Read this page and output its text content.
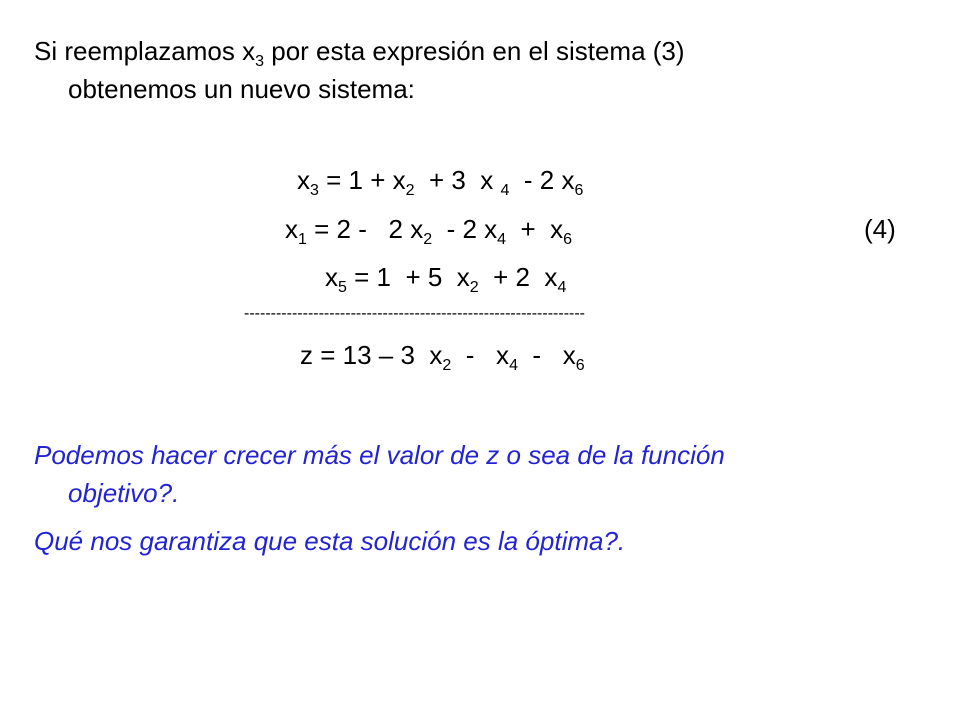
Si reemplazamos $x_3$ por esta expresión en el sistema (3)
obtenemos un nuevo sistema:

$x_3 = 1 + x_2 + 3$  x $_4$  - 2 $x_6$
$x_1 = 2 - 2$ $x_2 - 2$ $x_4 + x_6$	(4)
$x_5 = 1 + 5$  $x_2 + 2$  $x_4$
----------------------------------------------------------------
z = 13 – 3  $x_2 - x_4 - x_6$

Podemos hacer crecer más el valor de z o sea de la función
objetivo?.

Qué nos garantiza que esta solución es la óptima?.
